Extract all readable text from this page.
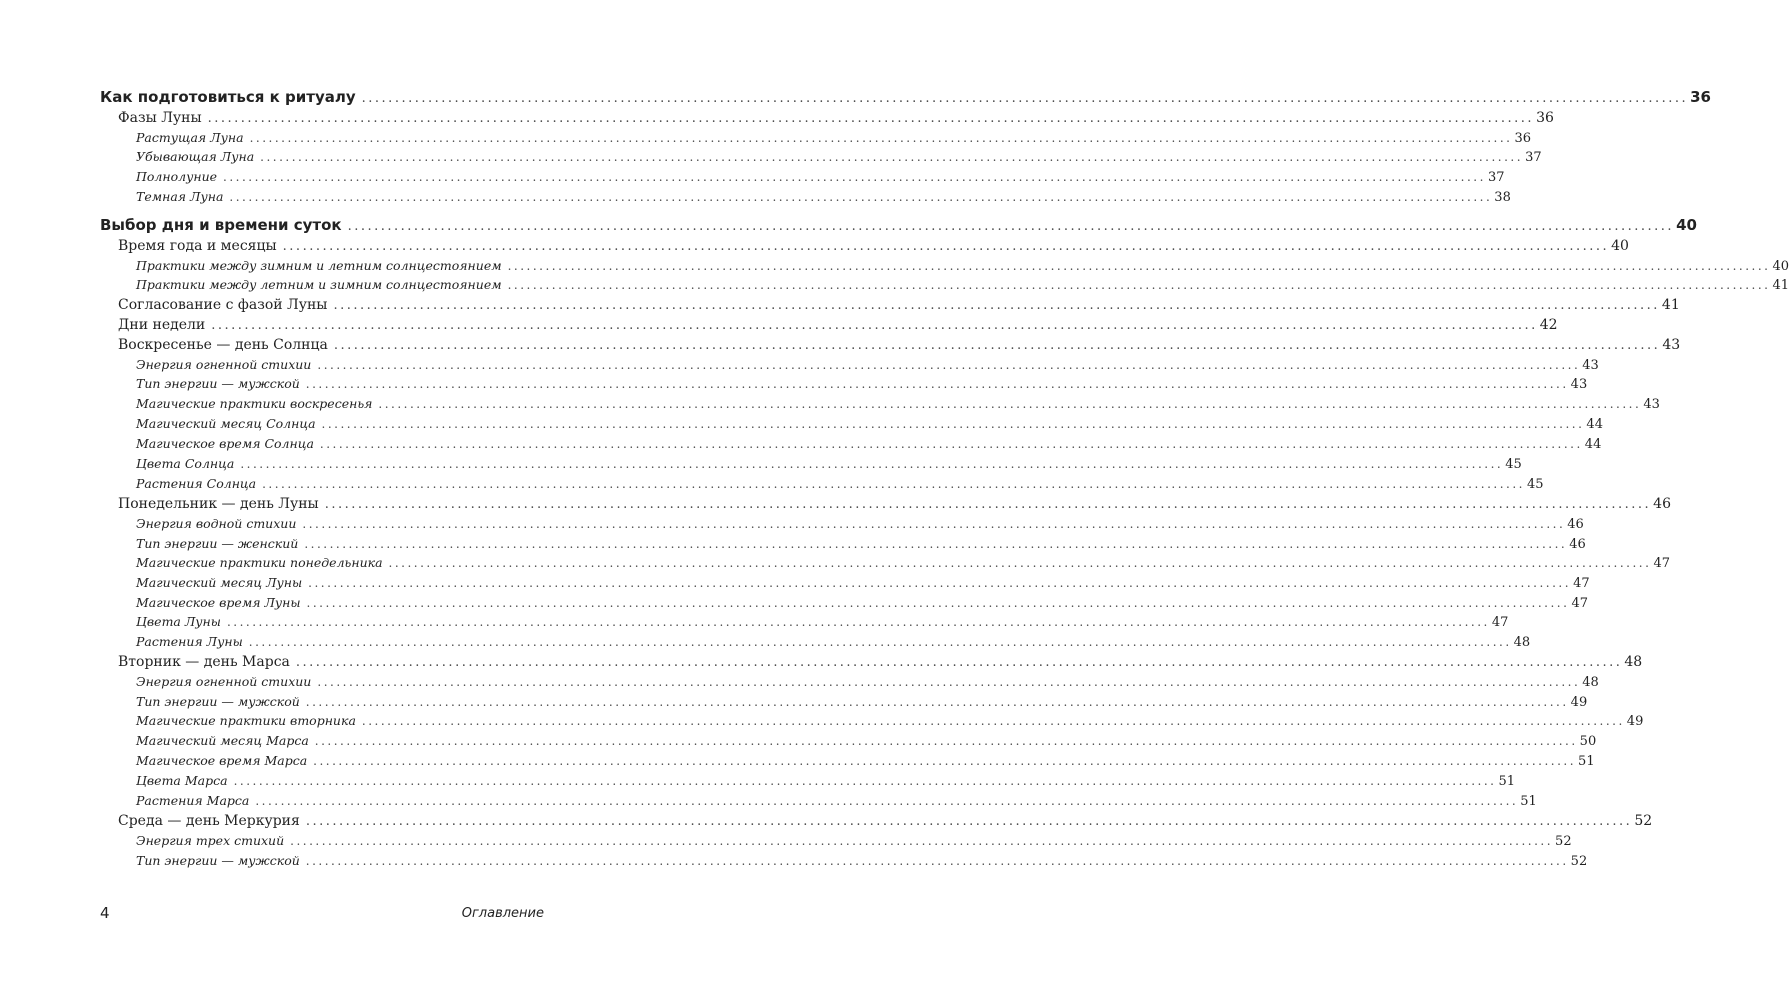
Как подготовиться к ритуалу ........................................................................................................................................................................................................ 36
Фазы Луны ........................................................................................................................................................................................................ 36
Растущая Луна ........................................................................................................................................................................................................ 36
Убывающая Луна ........................................................................................................................................................................................................ 37
Полнолуние ........................................................................................................................................................................................................ 37
Темная Луна ........................................................................................................................................................................................................ 38
Выбор дня и времени суток ........................................................................................................................................................................................................ 40
Время года и месяцы ........................................................................................................................................................................................................ 40
Практики между зимним и летним солнцестоянием ........................................................................................................................................................................................................ 40
Практики между летним и зимним солнцестоянием ........................................................................................................................................................................................................ 41
Согласование с фазой Луны ........................................................................................................................................................................................................ 41
Дни недели ........................................................................................................................................................................................................ 42
Воскресенье — день Солнца ........................................................................................................................................................................................................ 43
Энергия огненной стихии ........................................................................................................................................................................................................ 43
Тип энергии — мужской ........................................................................................................................................................................................................ 43
Магические практики воскресенья ........................................................................................................................................................................................................ 43
Магический месяц Солнца ........................................................................................................................................................................................................ 44
Магическое время Солнца ........................................................................................................................................................................................................ 44
Цвета Солнца ........................................................................................................................................................................................................ 45
Растения Солнца ........................................................................................................................................................................................................ 45
Понедельник — день Луны ........................................................................................................................................................................................................ 46
Энергия водной стихии ........................................................................................................................................................................................................ 46
Тип энергии — женский ........................................................................................................................................................................................................ 46
Магические практики понедельника ........................................................................................................................................................................................................ 47
Магический месяц Луны ........................................................................................................................................................................................................ 47
Магическое время Луны ........................................................................................................................................................................................................ 47
Цвета Луны ........................................................................................................................................................................................................ 47
Растения Луны ........................................................................................................................................................................................................ 48
Вторник — день Марса ........................................................................................................................................................................................................ 48
Энергия огненной стихии ........................................................................................................................................................................................................ 48
Тип энергии — мужской ........................................................................................................................................................................................................ 49
Магические практики вторника ........................................................................................................................................................................................................ 49
Магический месяц Марса ........................................................................................................................................................................................................ 50
Магическое время Марса ........................................................................................................................................................................................................ 51
Цвета Марса ........................................................................................................................................................................................................ 51
Растения Марса ........................................................................................................................................................................................................ 51
Среда — день Меркурия ........................................................................................................................................................................................................ 52
Энергия трех стихий ........................................................................................................................................................................................................ 52
Тип энергии — мужской ........................................................................................................................................................................................................ 52
4	Оглавление
